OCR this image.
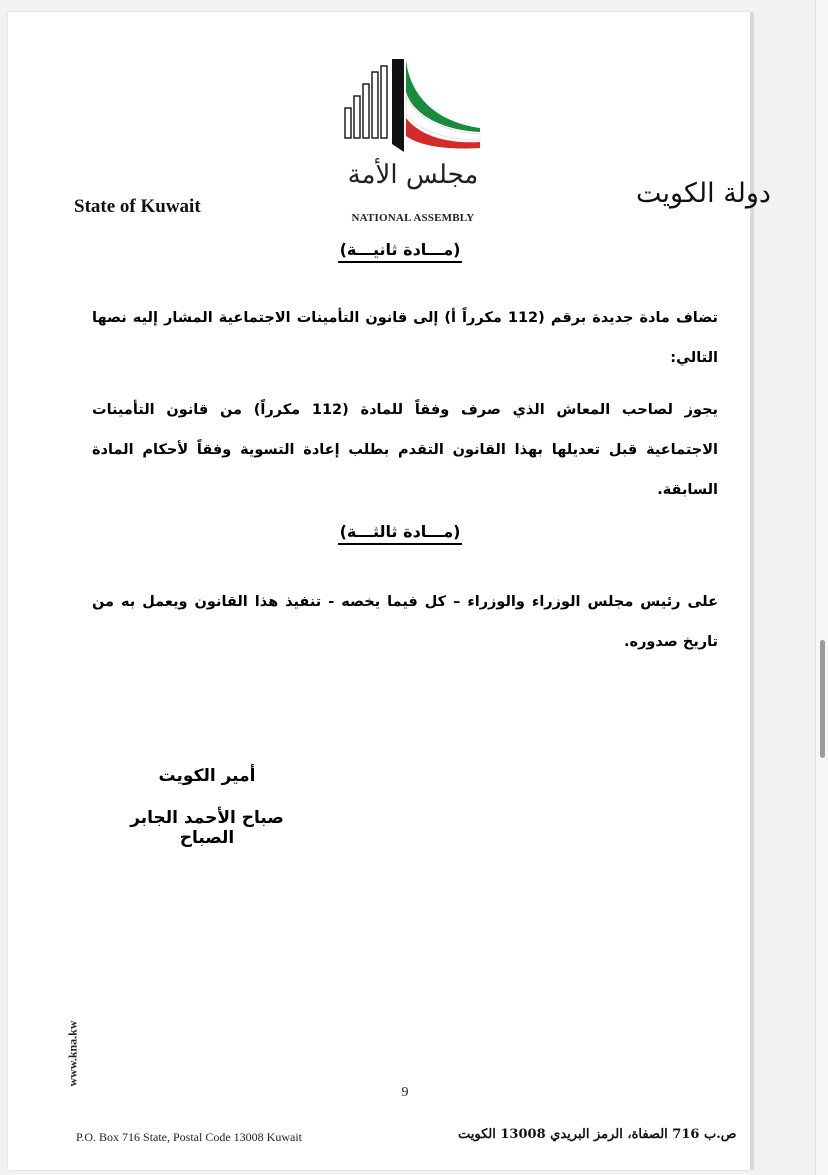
State of Kuwait	دولة الكويت
مجلس الأمة
NATIONAL ASSEMBLY
(مـــادة ثانيـــة)
تضاف مادة جديدة برقم (112 مكرراً أ) إلى قانون التأمينات الاجتماعية المشار إليه نصها التالي:
يجوز لصاحب المعاش الذي صرف وفقاً للمادة (112 مكرراً) من قانون التأمينات الاجتماعية قبل تعديلها بهذا القانون التقدم بطلب إعادة التسوية وفقاً لأحكام المادة السابقة.
(مـــادة ثالثـــة)
على رئيس مجلس الوزراء والوزراء – كل فيما يخصه - تنفيذ هذا القانون ويعمل به من تاريخ صدوره.
أمير الكويت
صباح الأحمد الجابر الصباح
www.kna.kw
9
P.O. Box 716 State, Postal Code 13008 Kuwait	ص.ب 716 الصفاة، الرمز البريدي 13008 الكويت
